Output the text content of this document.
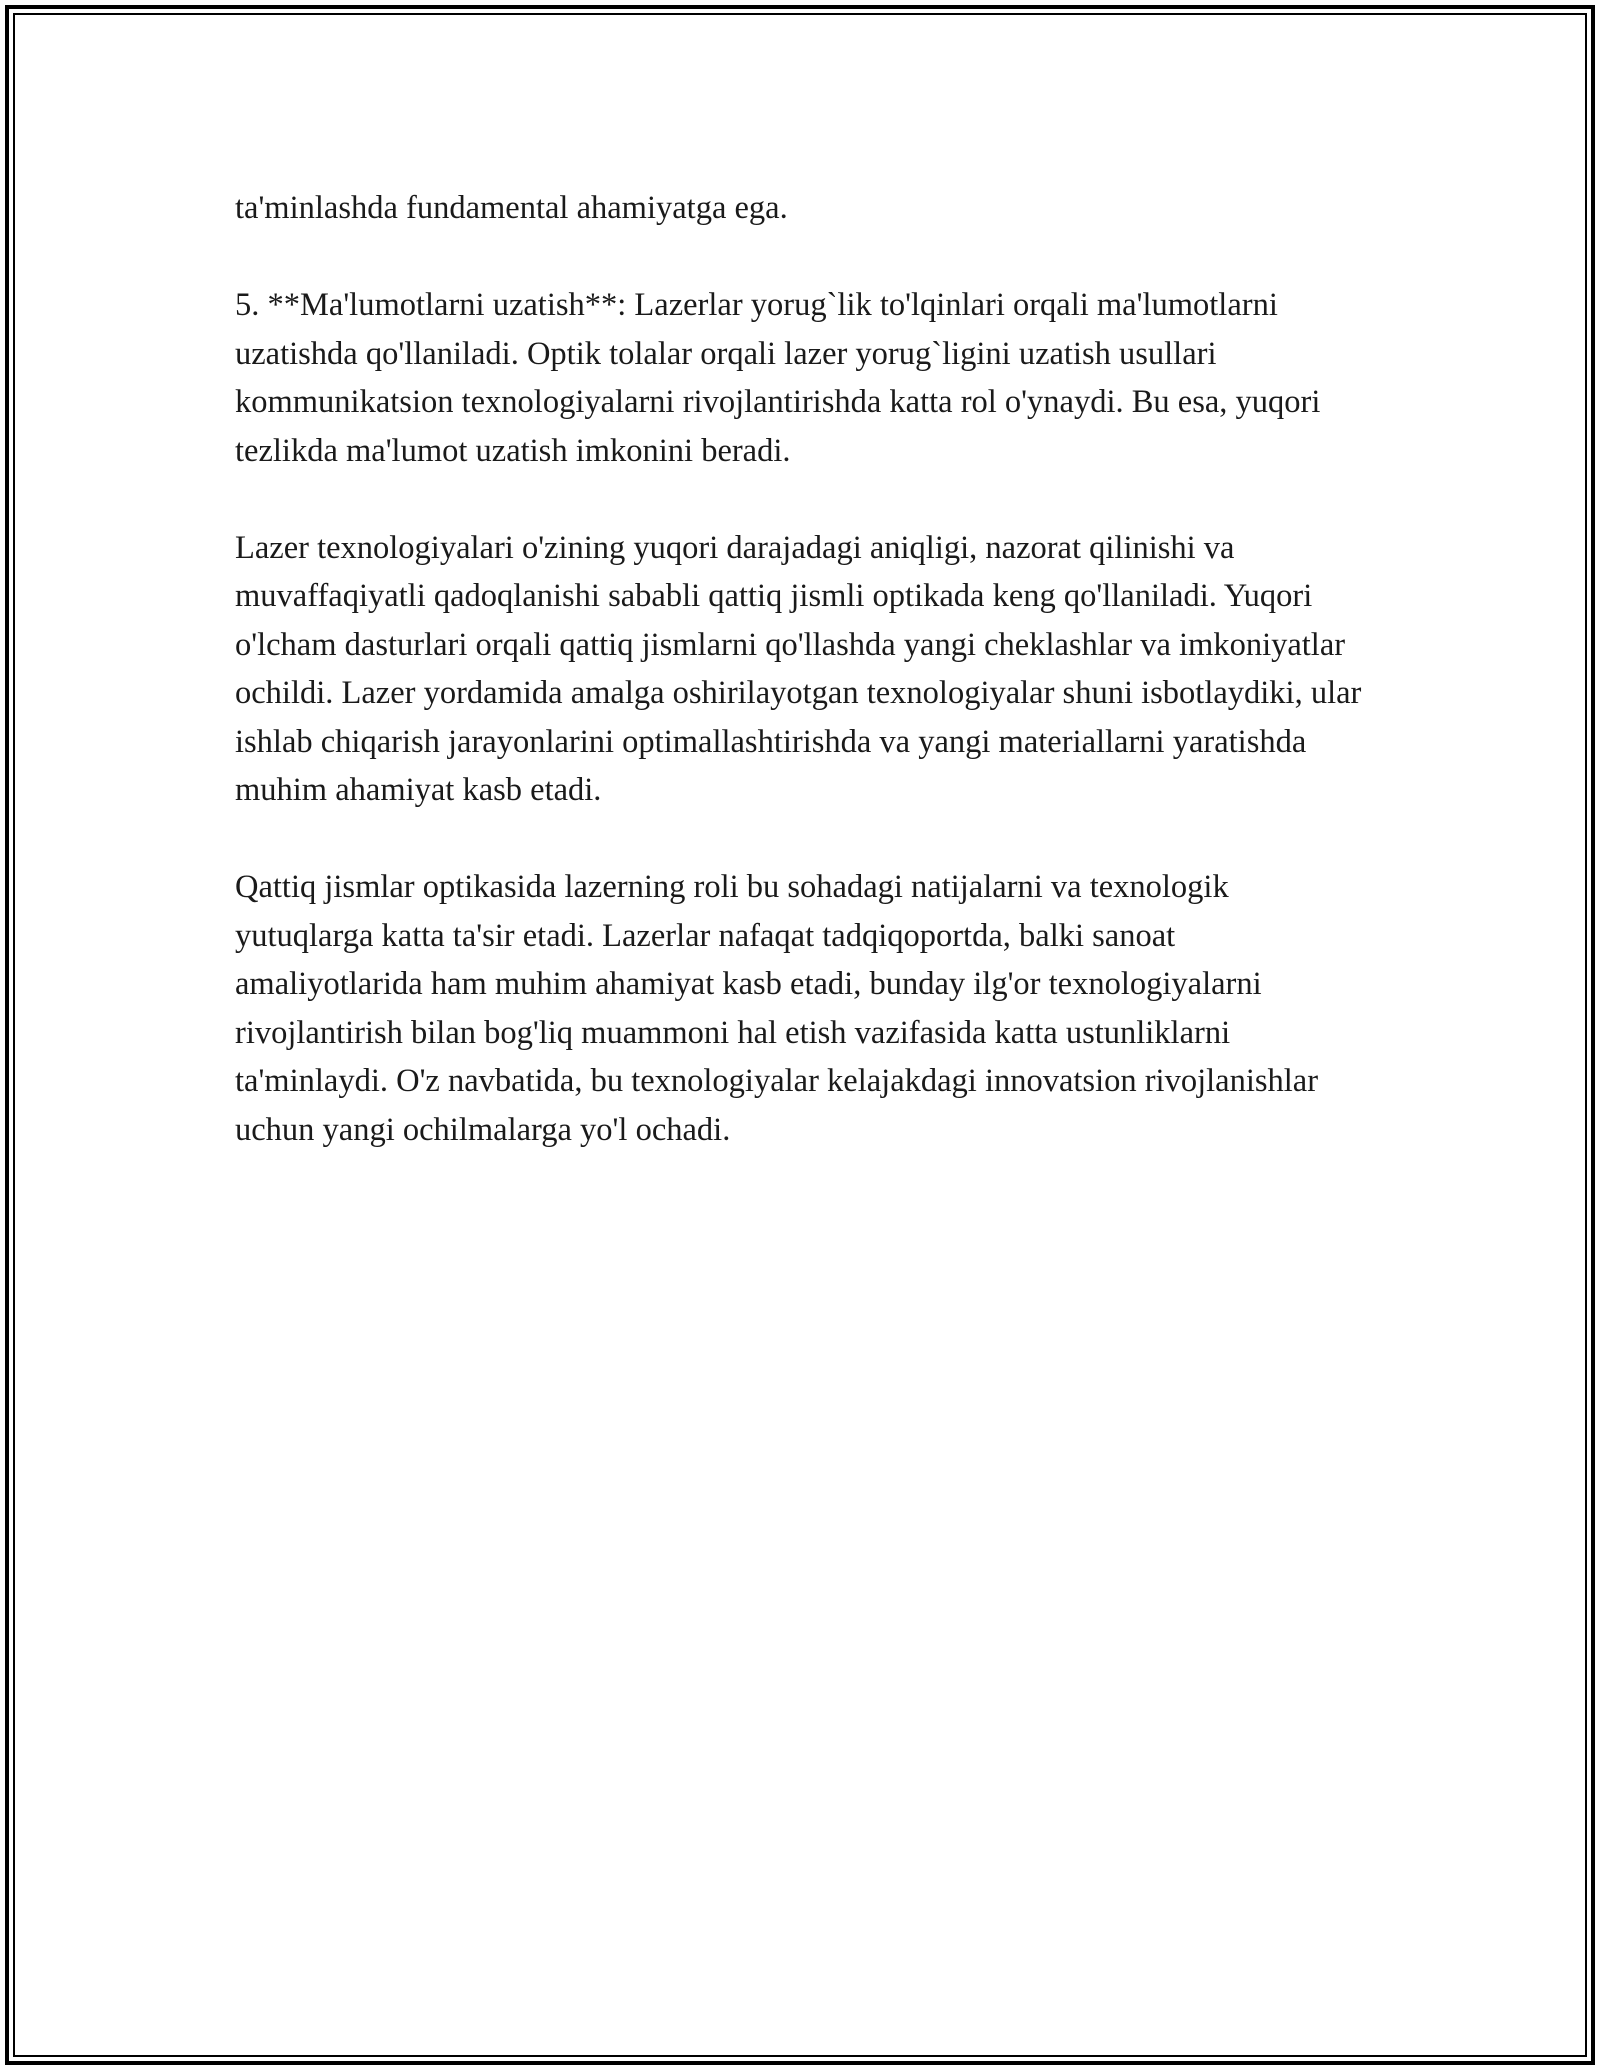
ta'minlashda fundamental ahamiyatga ega.

5. **Ma'lumotlarni uzatish**: Lazerlar yorug`lik to'lqinlari orqali ma'lumotlarni uzatishda qo'llaniladi. Optik tolalar orqali lazer yorug`ligini uzatish usullari kommunikatsion texnologiyalarni rivojlantirishda katta rol o'ynaydi. Bu esa, yuqori tezlikda ma'lumot uzatish imkonini beradi.

Lazer texnologiyalari o'zining yuqori darajadagi aniqligi, nazorat qilinishi va muvaffaqiyatli qadoqlanishi sababli qattiq jismli optikada keng qo'llaniladi. Yuqori o'lcham dasturlari orqali qattiq jismlarni qo'llashda yangi cheklashlar va imkoniyatlar ochildi. Lazer yordamida amalga oshirilayotgan texnologiyalar shuni isbotlaydiki, ular ishlab chiqarish jarayonlarini optimallashtirishda va yangi materiallarni yaratishda muhim ahamiyat kasb etadi.

Qattiq jismlar optikasida lazerning roli bu sohadagi natijalarni va texnologik yutuqlarga katta ta'sir etadi. Lazerlar nafaqat tadqiqoportda, balki sanoat amaliyotlarida ham muhim ahamiyat kasb etadi, bunday ilg'or texnologiyalarni rivojlantirish bilan bog'liq muammoni hal etish vazifasida katta ustunliklarni ta'minlaydi. O'z navbatida, bu texnologiyalar kelajakdagi innovatsion rivojlanishlar uchun yangi ochilmalarga yo'l ochadi.
